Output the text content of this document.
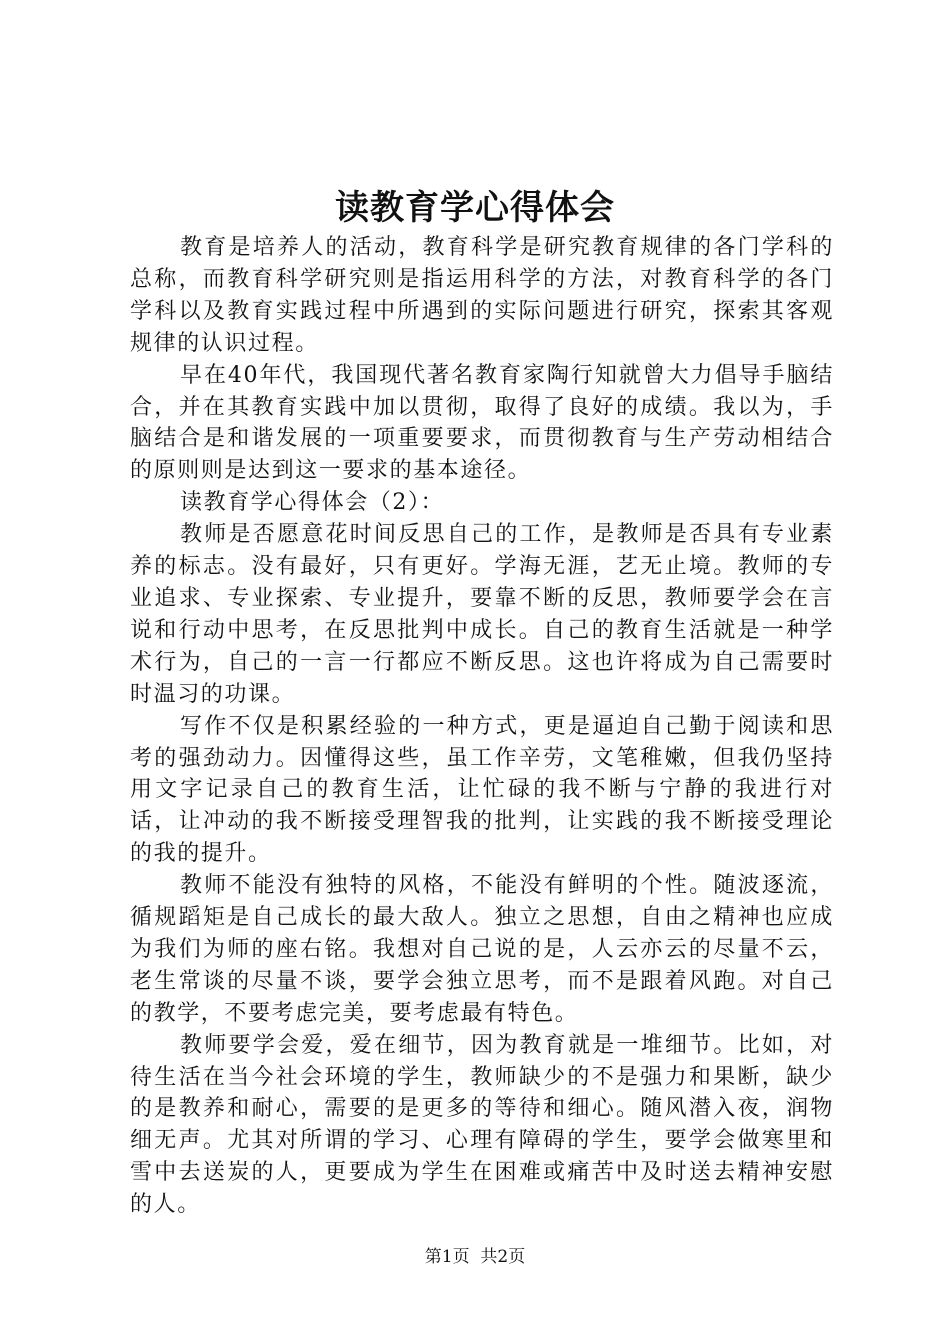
读教育学心得体会

教育是培养人的活动，教育科学是研究教育规律的各门学科的总称，而教育科学研究则是指运用科学的方法，对教育科学的各门学科以及教育实践过程中所遇到的实际问题进行研究，探索其客观规律的认识过程。

早在40年代，我国现代著名教育家陶行知就曾大力倡导手脑结合，并在其教育实践中加以贯彻，取得了良好的成绩。我以为，手脑结合是和谐发展的一项重要要求，而贯彻教育与生产劳动相结合的原则则是达到这一要求的基本途径。

读教育学心得体会（2）：

教师是否愿意花时间反思自己的工作，是教师是否具有专业素养的标志。没有最好，只有更好。学海无涯，艺无止境。教师的专业追求、专业探索、专业提升，要靠不断的反思，教师要学会在言说和行动中思考，在反思批判中成长。自己的教育生活就是一种学术行为，自己的一言一行都应不断反思。这也许将成为自己需要时时温习的功课。

写作不仅是积累经验的一种方式，更是逼迫自己勤于阅读和思考的强劲动力。因懂得这些，虽工作辛劳，文笔稚嫩，但我仍坚持用文字记录自己的教育生活，让忙碌的我不断与宁静的我进行对话，让冲动的我不断接受理智我的批判，让实践的我不断接受理论的我的提升。

教师不能没有独特的风格，不能没有鲜明的个性。随波逐流，循规蹈矩是自己成长的最大敌人。独立之思想，自由之精神也应成为我们为师的座右铭。我想对自己说的是，人云亦云的尽量不云，老生常谈的尽量不谈，要学会独立思考，而不是跟着风跑。对自己的教学，不要考虑完美，要考虑最有特色。

教师要学会爱，爱在细节，因为教育就是一堆细节。比如，对待生活在当今社会环境的学生，教师缺少的不是强力和果断，缺少的是教养和耐心，需要的是更多的等待和细心。随风潜入夜，润物细无声。尤其对所谓的学习、心理有障碍的学生，要学会做寒里和雪中去送炭的人，更要成为学生在困难或痛苦中及时送去精神安慰的人。

第1页 共2页
